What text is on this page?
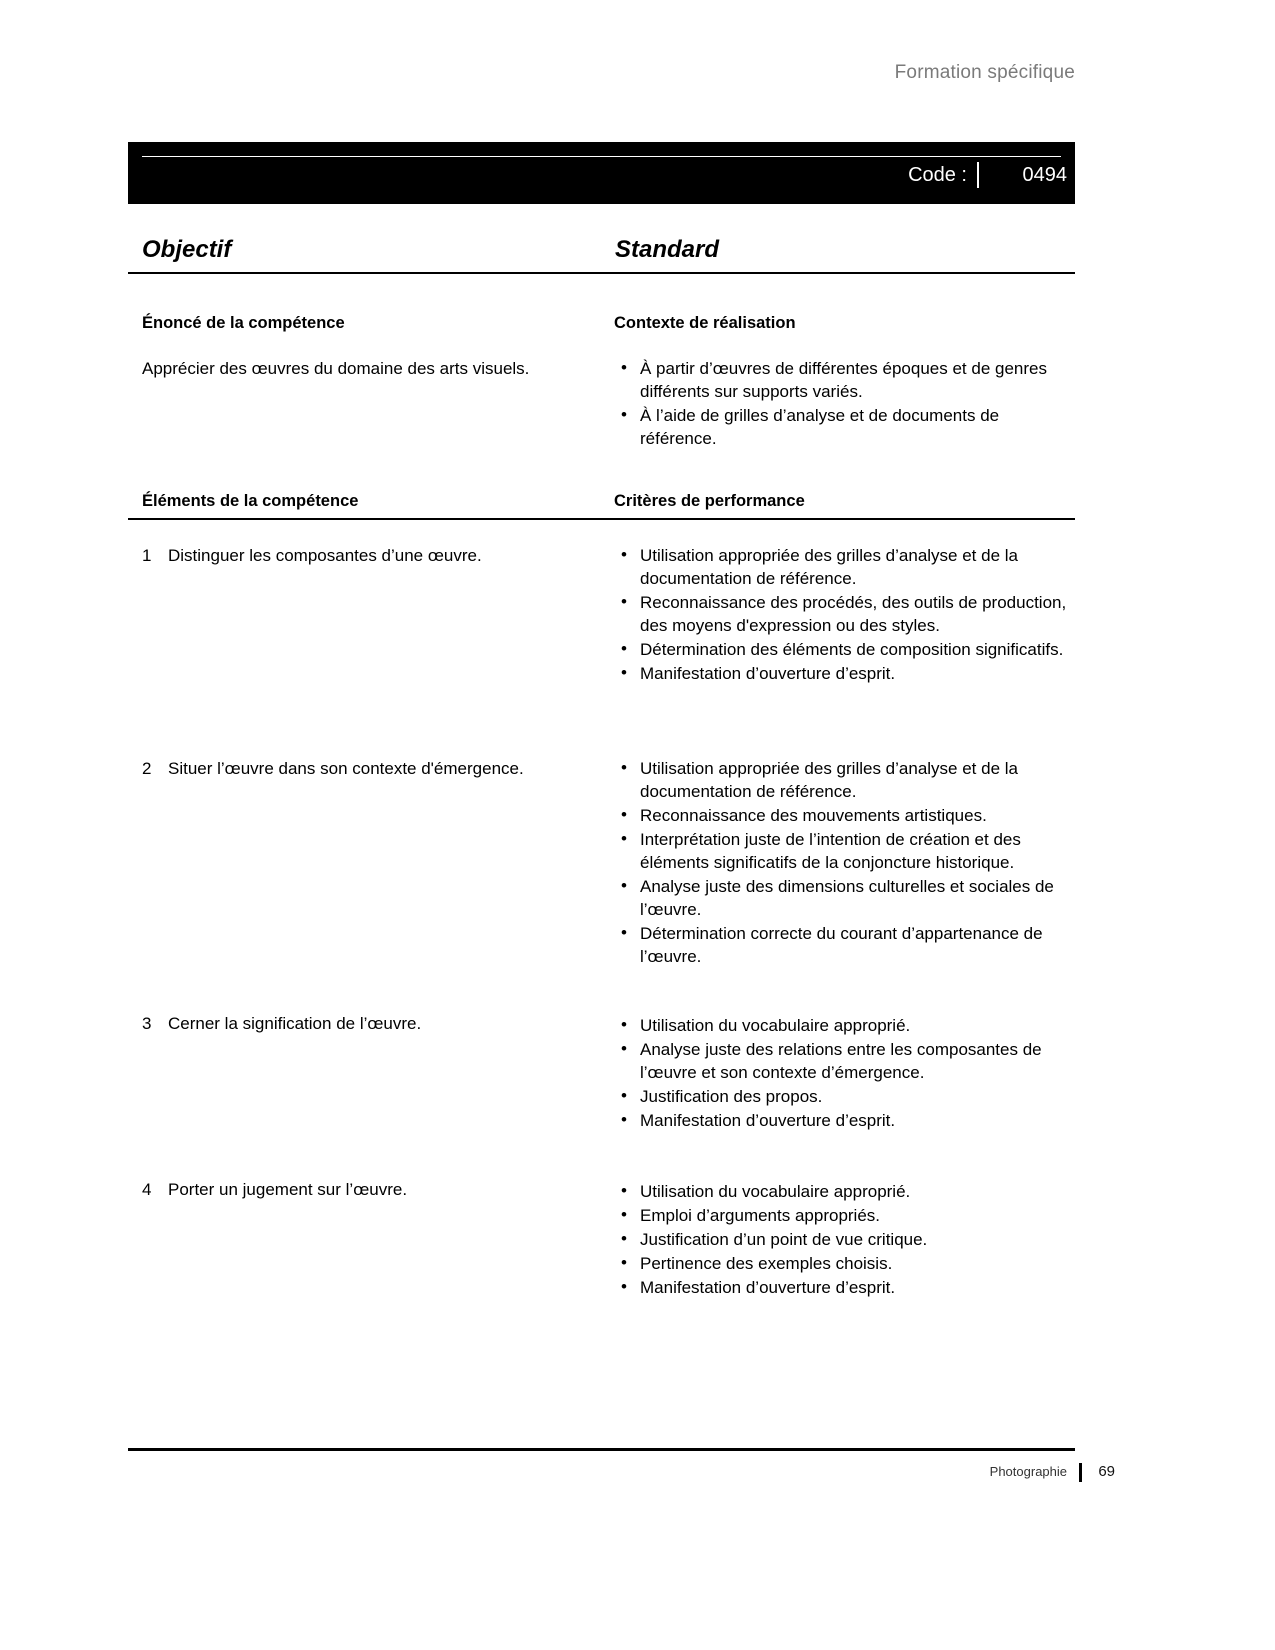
Formation spécifique
Code :	0494
Objectif	Standard
Énoncé de la compétence	Contexte de réalisation
Apprécier des œuvres du domaine des arts visuels.	• À partir d’œuvres de différentes époques et de genres différents sur supports variés.
• À l’aide de grilles d’analyse et de documents de référence.
Éléments de la compétence	Critères de performance
1 Distinguer les composantes d’une œuvre.	• Utilisation appropriée des grilles d’analyse et de la documentation de référence.
• Reconnaissance des procédés, des outils de production, des moyens d'expression ou des styles.
• Détermination des éléments de composition significatifs.
• Manifestation d’ouverture d’esprit.
2 Situer l’œuvre dans son contexte d'émergence.	• Utilisation appropriée des grilles d’analyse et de la documentation de référence.
• Reconnaissance des mouvements artistiques.
• Interprétation juste de l’intention de création et des éléments significatifs de la conjoncture historique.
• Analyse juste des dimensions culturelles et sociales de l’œuvre.
• Détermination correcte du courant d’appartenance de l’œuvre.
3 Cerner la signification de l’œuvre.	• Utilisation du vocabulaire approprié.
• Analyse juste des relations entre les composantes de l’œuvre et son contexte d’émergence.
• Justification des propos.
• Manifestation d’ouverture d’esprit.
4 Porter un jugement sur l’œuvre.	• Utilisation du vocabulaire approprié.
• Emploi d’arguments appropriés.
• Justification d’un point de vue critique.
• Pertinence des exemples choisis.
• Manifestation d’ouverture d’esprit.
Photographie 69
